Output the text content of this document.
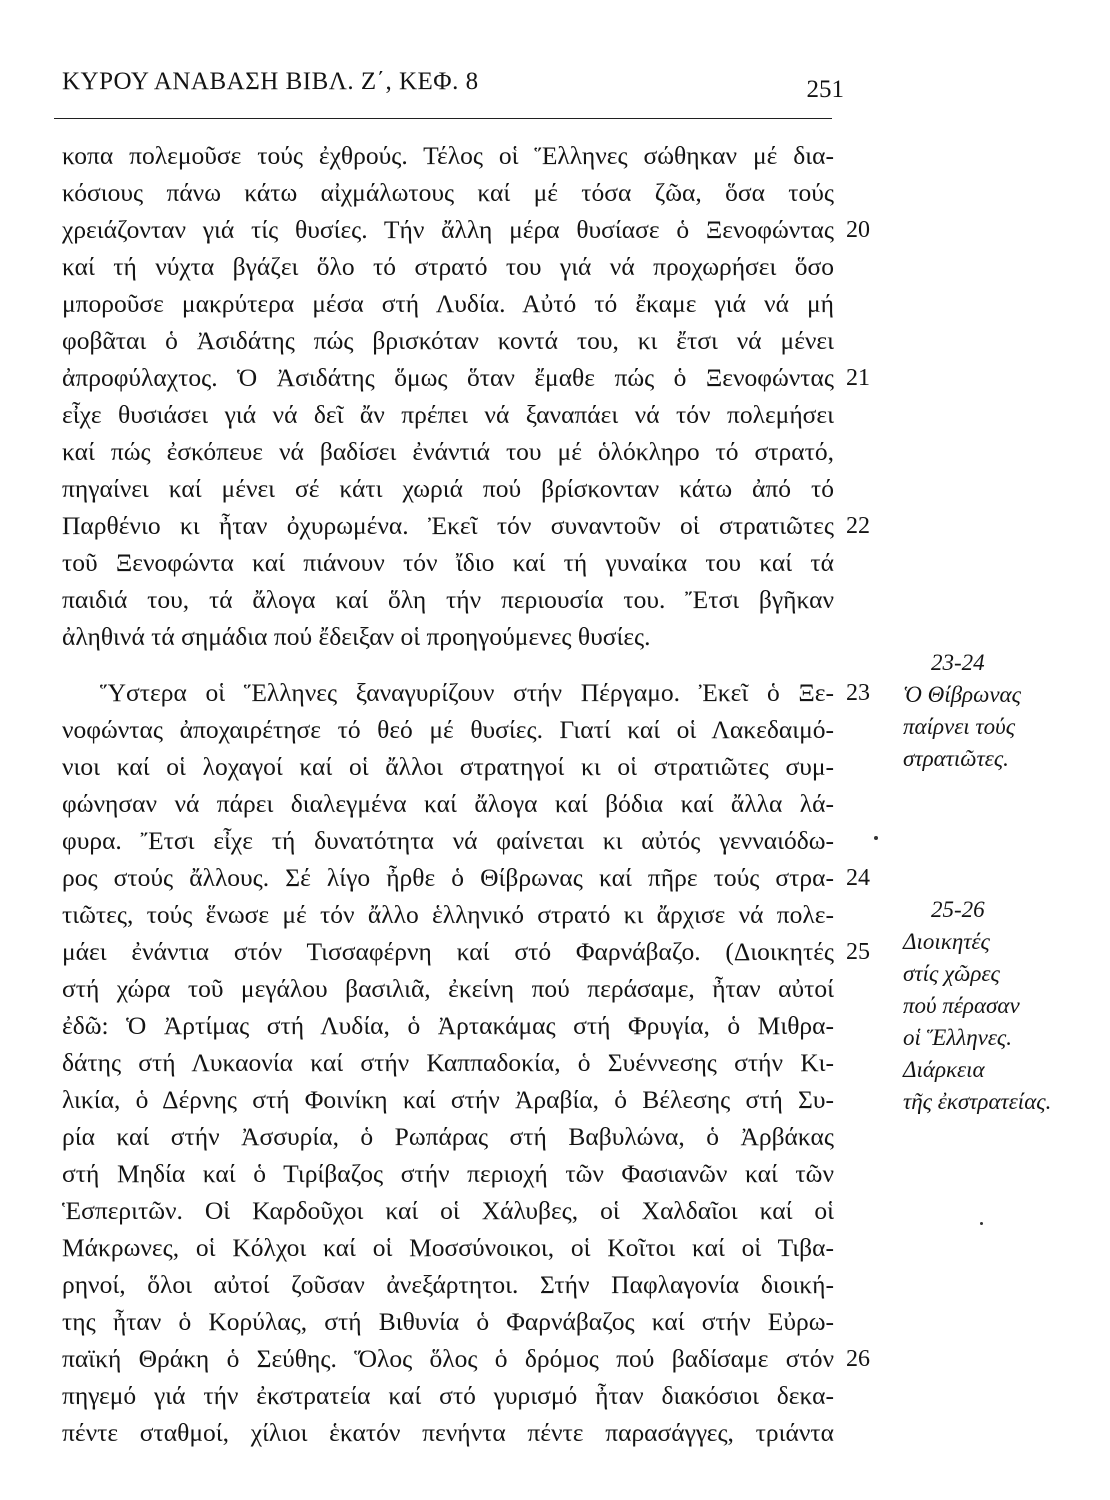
ΚΥΡΟΥ ΑΝΑΒΑΣΗ ΒΙΒΛ. Ζ΄, ΚΕΦ. 8	251
κοπα πολεμοῦσε τούς ἐχθρούς. Τέλος οἱ Ἕλληνες σώθηκαν μέ δια-
κόσιους πάνω κάτω αἰχμάλωτους καί μέ τόσα ζῶα, ὅσα τούς
χρειάζονταν γιά τίς θυσίες. Τήν ἄλλη μέρα θυσίασε ὁ Ξενοφώντας
καί τή νύχτα βγάζει ὅλο τό στρατό του γιά νά προχωρήσει ὅσο
μποροῦσε μακρύτερα μέσα στή Λυδία. Αὐτό τό ἔκαμε γιά νά μή
φοβᾶται ὁ Ἀσιδάτης πώς βρισκόταν κοντά του, κι ἔτσι νά μένει
ἀπροφύλαχτος. Ὁ Ἀσιδάτης ὅμως ὅταν ἔμαθε πώς ὁ Ξενοφώντας
εἶχε θυσιάσει γιά νά δεῖ ἄν πρέπει νά ξαναπάει νά τόν πολεμήσει
καί πώς ἐσκόπευε νά βαδίσει ἐνάντιά του μέ ὁλόκληρο τό στρατό,
πηγαίνει καί μένει σέ κάτι χωριά πού βρίσκονταν κάτω ἀπό τό
Παρθένιο κι ἦταν ὀχυρωμένα. Ἐκεῖ τόν συναντοῦν οἱ στρατιῶτες
τοῦ Ξενοφώντα καί πιάνουν τόν ἴδιο καί τή γυναίκα του καί τά
παιδιά του, τά ἄλογα καί ὅλη τήν περιουσία του. Ἔτσι βγῆκαν
ἀληθινά τά σημάδια πού ἔδειξαν οἱ προηγούμενες θυσίες.
Ὕστερα οἱ Ἕλληνες ξαναγυρίζουν στήν Πέργαμο. Ἐκεῖ ὁ Ξε-
νοφώντας ἀποχαιρέτησε τό θεό μέ θυσίες. Γιατί καί οἱ Λακεδαιμό-
νιοι καί οἱ λοχαγοί καί οἱ ἄλλοι στρατηγοί κι οἱ στρατιῶτες συμ-
φώνησαν νά πάρει διαλεγμένα καί ἄλογα καί βόδια καί ἄλλα λά-
φυρα. Ἔτσι εἶχε τή δυνατότητα νά φαίνεται κι αὐτός γενναιόδω-
ρος στούς ἄλλους. Σέ λίγο ἦρθε ὁ Θίβρωνας καί πῆρε τούς στρα-
τιῶτες, τούς ἕνωσε μέ τόν ἄλλο ἑλληνικό στρατό κι ἄρχισε νά πολε-
μάει ἐνάντια στόν Τισσαφέρνη καί στό Φαρνάβαζο. (Διοικητές
στή χώρα τοῦ μεγάλου βασιλιᾶ, ἐκείνη πού περάσαμε, ἦταν αὐτοί
ἐδῶ: Ὁ Ἀρτίμας στή Λυδία, ὁ Ἀρτακάμας στή Φρυγία, ὁ Μιθρα-
δάτης στή Λυκαονία καί στήν Καππαδοκία, ὁ Συέννεσης στήν Κι-
λικία, ὁ Δέρνης στή Φοινίκη καί στήν Ἀραβία, ὁ Βέλεσης στή Συ-
ρία καί στήν Ἀσσυρία, ὁ Ρωπάρας στή Βαβυλώνα, ὁ Ἀρβάκας
στή Μηδία καί ὁ Τιρίβαζος στήν περιοχή τῶν Φασιανῶν καί τῶν
Ἑσπεριτῶν. Οἱ Καρδοῦχοι καί οἱ Χάλυβες, οἱ Χαλδαῖοι καί οἱ
Μάκρωνες, οἱ Κόλχοι καί οἱ Μοσσύνοικοι, οἱ Κοῖτοι καί οἱ Τιβα-
ρηνοί, ὅλοι αὐτοί ζοῦσαν ἀνεξάρτητοι. Στήν Παφλαγονία διοική-
της ἦταν ὁ Κορύλας, στή Βιθυνία ὁ Φαρνάβαζος καί στήν Εὐρω-
παϊκή Θράκη ὁ Σεύθης. Ὅλος ὅλος ὁ δρόμος πού βαδίσαμε στόν
πηγεμό γιά τήν ἐκστρατεία καί στό γυρισμό ἦταν διακόσιοι δεκα-
πέντε σταθμοί, χίλιοι ἑκατόν πενήντα πέντε παρασάγγες, τριάντα
20
21
22
23
24
25
26
23-24
Ὁ Θίβρωνας
παίρνει τούς
στρατιῶτες.
25-26
Διοικητές
στίς χῶρες
πού πέρασαν
οἱ Ἕλληνες.
Διάρκεια
τῆς ἐκστρατείας.
